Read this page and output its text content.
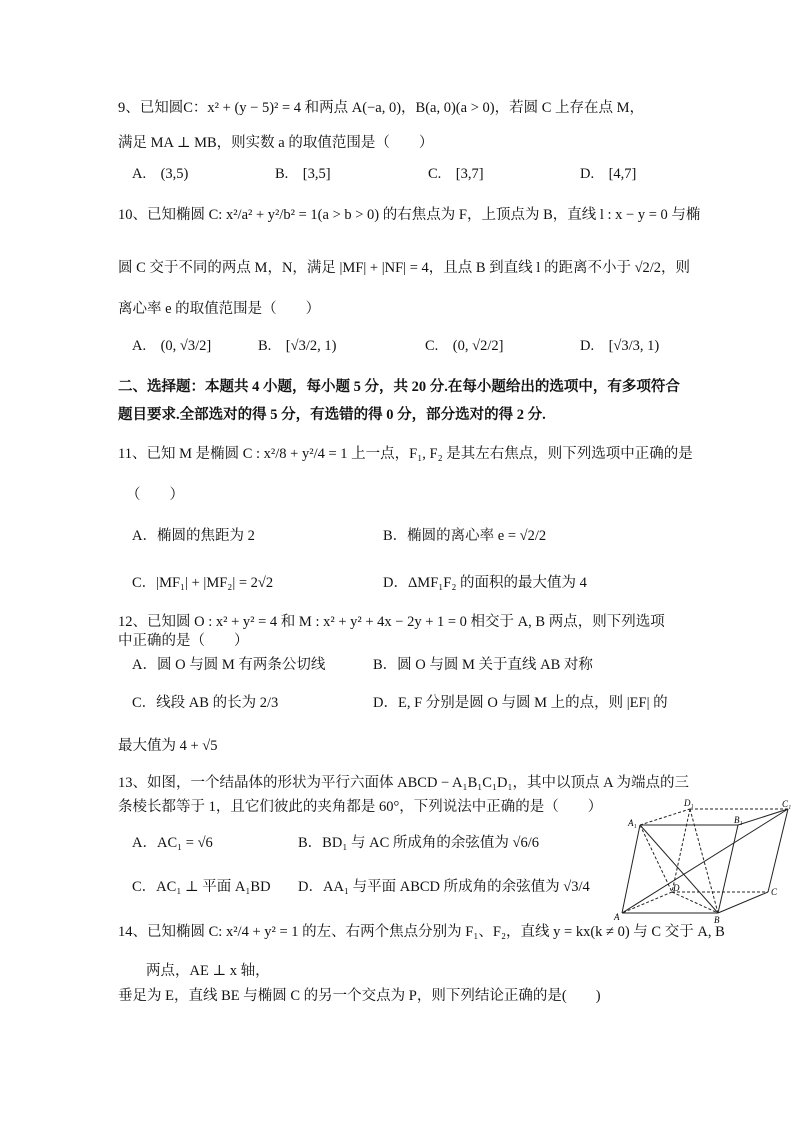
9、已知圆C：x² + (y − 5)² = 4 和两点 A(−a, 0)，B(a, 0)(a > 0)，若圆 C 上存在点 M，
满足 MA ⊥ MB，则实数 a 的取值范围是（　　）
A.　(3,5)	B.　[3,5]	C.　[3,7]	D.　[4,7]
10、已知椭圆 C: x²/a² + y²/b² = 1(a > b > 0) 的右焦点为 F，上顶点为 B，直线 l : x − y = 0 与椭
圆 C 交于不同的两点 M，N，满足 |MF| + |NF| = 4，且点 B 到直线 l 的距离不小于 √2/2，则
离心率 e 的取值范围是（　　）
A.　(0, √3/2]	B.　[√3/2, 1)	C.　(0, √2/2]	D.　[√3/3, 1)
二、选择题：本题共 4 小题，每小题 5 分，共 20 分.在每小题给出的选项中，有多项符合
题目要求.全部选对的得 5 分，有选错的得 0 分，部分选对的得 2 分.
11、已知 M 是椭圆 C : x²/8 + y²/4 = 1 上一点，F₁, F₂ 是其左右焦点，则下列选项中正确的是
（　　）
A．椭圆的焦距为 2	B．椭圆的离心率 e = √2/2
C．|MF₁| + |MF₂| = 2√2	D．ΔMF₁F₂ 的面积的最大值为 4
12、已知圆 O : x² + y² = 4 和 M : x² + y² + 4x − 2y + 1 = 0 相交于 A, B 两点，则下列选项
中正确的是（　　）
A．圆 O 与圆 M 有两条公切线	B．圆 O 与圆 M 关于直线 AB 对称
C．线段 AB 的长为 2/3	D．E, F 分别是圆 O 与圆 M 上的点，则 |EF| 的
最大值为 4 + √5
13、如图，一个结晶体的形状为平行六面体 ABCD − A₁B₁C₁D₁，其中以顶点 A 为端点的三
条棱长都等于 1，且它们彼此的夹角都是 60°，下列说法中正确的是（　　）
A．AC₁ = √6	B．BD₁ 与 AC 所成角的余弦值为 √6/6
C．AC₁ ⊥ 平面 A₁BD D．AA₁ 与平面 ABCD 所成角的余弦值为 √3/4
A	B
C
D
A₁	B₁
C₁
D₁
14、已知椭圆 C: x²/4 + y² = 1 的左、右两个焦点分别为 F₁、F₂，直线 y = kx(k ≠ 0) 与 C 交于 A, B
两点，AE ⊥ x 轴，
垂足为 E，直线 BE 与椭圆 C 的另一个交点为 P，则下列结论正确的是(　　)
